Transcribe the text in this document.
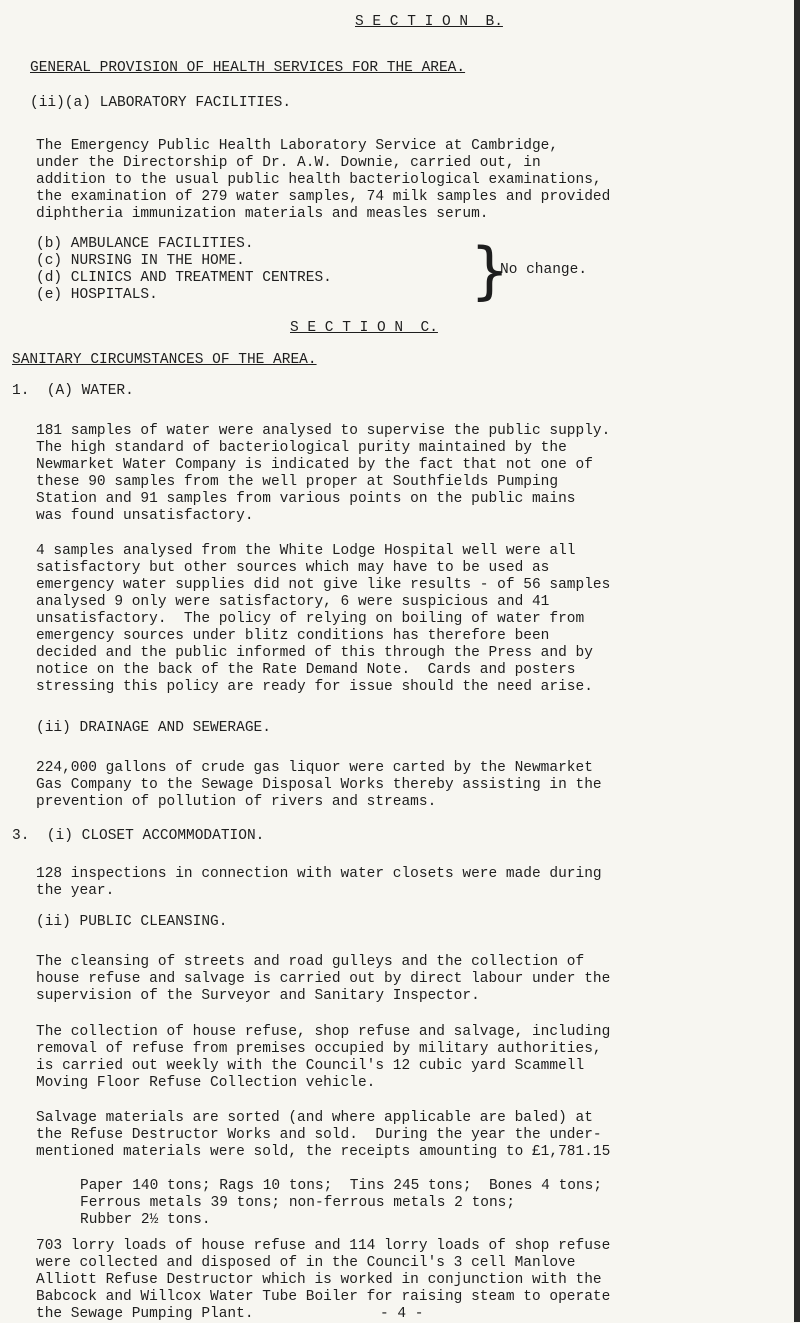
S E C T I O N  B.
GENERAL PROVISION OF HEALTH SERVICES FOR THE AREA.
(ii)(a) LABORATORY FACILITIES.
The Emergency Public Health Laboratory Service at Cambridge,
under the Directorship of Dr. A.W. Downie, carried out, in
addition to the usual public health bacteriological examinations,
the examination of 279 water samples, 74 milk samples and provided
diphtheria immunization materials and measles serum.
(b) AMBULANCE FACILITIES.
(c) NURSING IN THE HOME.
(d) CLINICS AND TREATMENT CENTRES.
(e) HOSPITALS.	}
No change.
S E C T I O N  C.
SANITARY CIRCUMSTANCES OF THE AREA.
1.  (A) WATER.
181 samples of water were analysed to supervise the public supply.
The high standard of bacteriological purity maintained by the
Newmarket Water Company is indicated by the fact that not one of
these 90 samples from the well proper at Southfields Pumping
Station and 91 samples from various points on the public mains
was found unsatisfactory.
4 samples analysed from the White Lodge Hospital well were all
satisfactory but other sources which may have to be used as
emergency water supplies did not give like results - of 56 samples
analysed 9 only were satisfactory, 6 were suspicious and 41
unsatisfactory.  The policy of relying on boiling of water from
emergency sources under blitz conditions has therefore been
decided and the public informed of this through the Press and by
notice on the back of the Rate Demand Note.  Cards and posters
stressing this policy are ready for issue should the need arise.
(ii) DRAINAGE AND SEWERAGE.
224,000 gallons of crude gas liquor were carted by the Newmarket
Gas Company to the Sewage Disposal Works thereby assisting in the
prevention of pollution of rivers and streams.
3.  (i) CLOSET ACCOMMODATION.
128 inspections in connection with water closets were made during
the year.
(ii) PUBLIC CLEANSING.
The cleansing of streets and road gulleys and the collection of
house refuse and salvage is carried out by direct labour under the
supervision of the Surveyor and Sanitary Inspector.
The collection of house refuse, shop refuse and salvage, including
removal of refuse from premises occupied by military authorities,
is carried out weekly with the Council's 12 cubic yard Scammell
Moving Floor Refuse Collection vehicle.
Salvage materials are sorted (and where applicable are baled) at
the Refuse Destructor Works and sold.  During the year the under-
mentioned materials were sold, the receipts amounting to £1,781.15
Paper 140 tons; Rags 10 tons;  Tins 245 tons;  Bones 4 tons;
Ferrous metals 39 tons; non-ferrous metals 2 tons;
Rubber 2½ tons.
703 lorry loads of house refuse and 114 lorry loads of shop refuse
were collected and disposed of in the Council's 3 cell Manlove
Alliott Refuse Destructor which is worked in conjunction with the
Babcock and Willcox Water Tube Boiler for raising steam to operate
the Sewage Pumping Plant.	- 4 -
